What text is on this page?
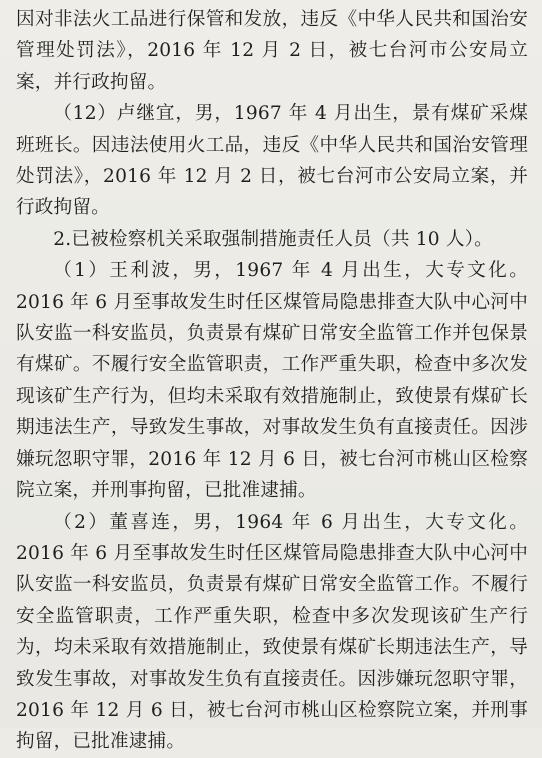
因对非法火工品进行保管和发放，违反《中华人民共和国治安管理处罚法》，2016 年 12 月 2 日，被七台河市公安局立案，并行政拘留。

（12）卢继宜，男，1967 年 4 月出生，景有煤矿采煤班班长。因违法使用火工品，违反《中华人民共和国治安管理处罚法》，2016 年 12 月 2 日，被七台河市公安局立案，并行政拘留。

2.已被检察机关采取强制措施责任人员（共 10 人）。

（1）王利波，男，1967 年 4 月出生，大专文化。2016 年 6 月至事故发生时任区煤管局隐患排查大队中心河中队安监一科安监员，负责景有煤矿日常安全监管工作并包保景有煤矿。不履行安全监管职责，工作严重失职，检查中多次发现该矿生产行为，但均未采取有效措施制止，致使景有煤矿长期违法生产，导致发生事故，对事故发生负有直接责任。因涉嫌玩忽职守罪，2016 年 12 月 6 日，被七台河市桃山区检察院立案，并刑事拘留，已批准逮捕。

（2）董喜连，男，1964 年 6 月出生，大专文化。2016 年 6 月至事故发生时任区煤管局隐患排查大队中心河中队安监一科安监员，负责景有煤矿日常安全监管工作。不履行安全监管职责，工作严重失职，检查中多次发现该矿生产行为，均未采取有效措施制止，致使景有煤矿长期违法生产，导致发生事故，对事故发生负有直接责任。因涉嫌玩忽职守罪，2016 年 12 月 6 日，被七台河市桃山区检察院立案，并刑事拘留，已批准逮捕。
